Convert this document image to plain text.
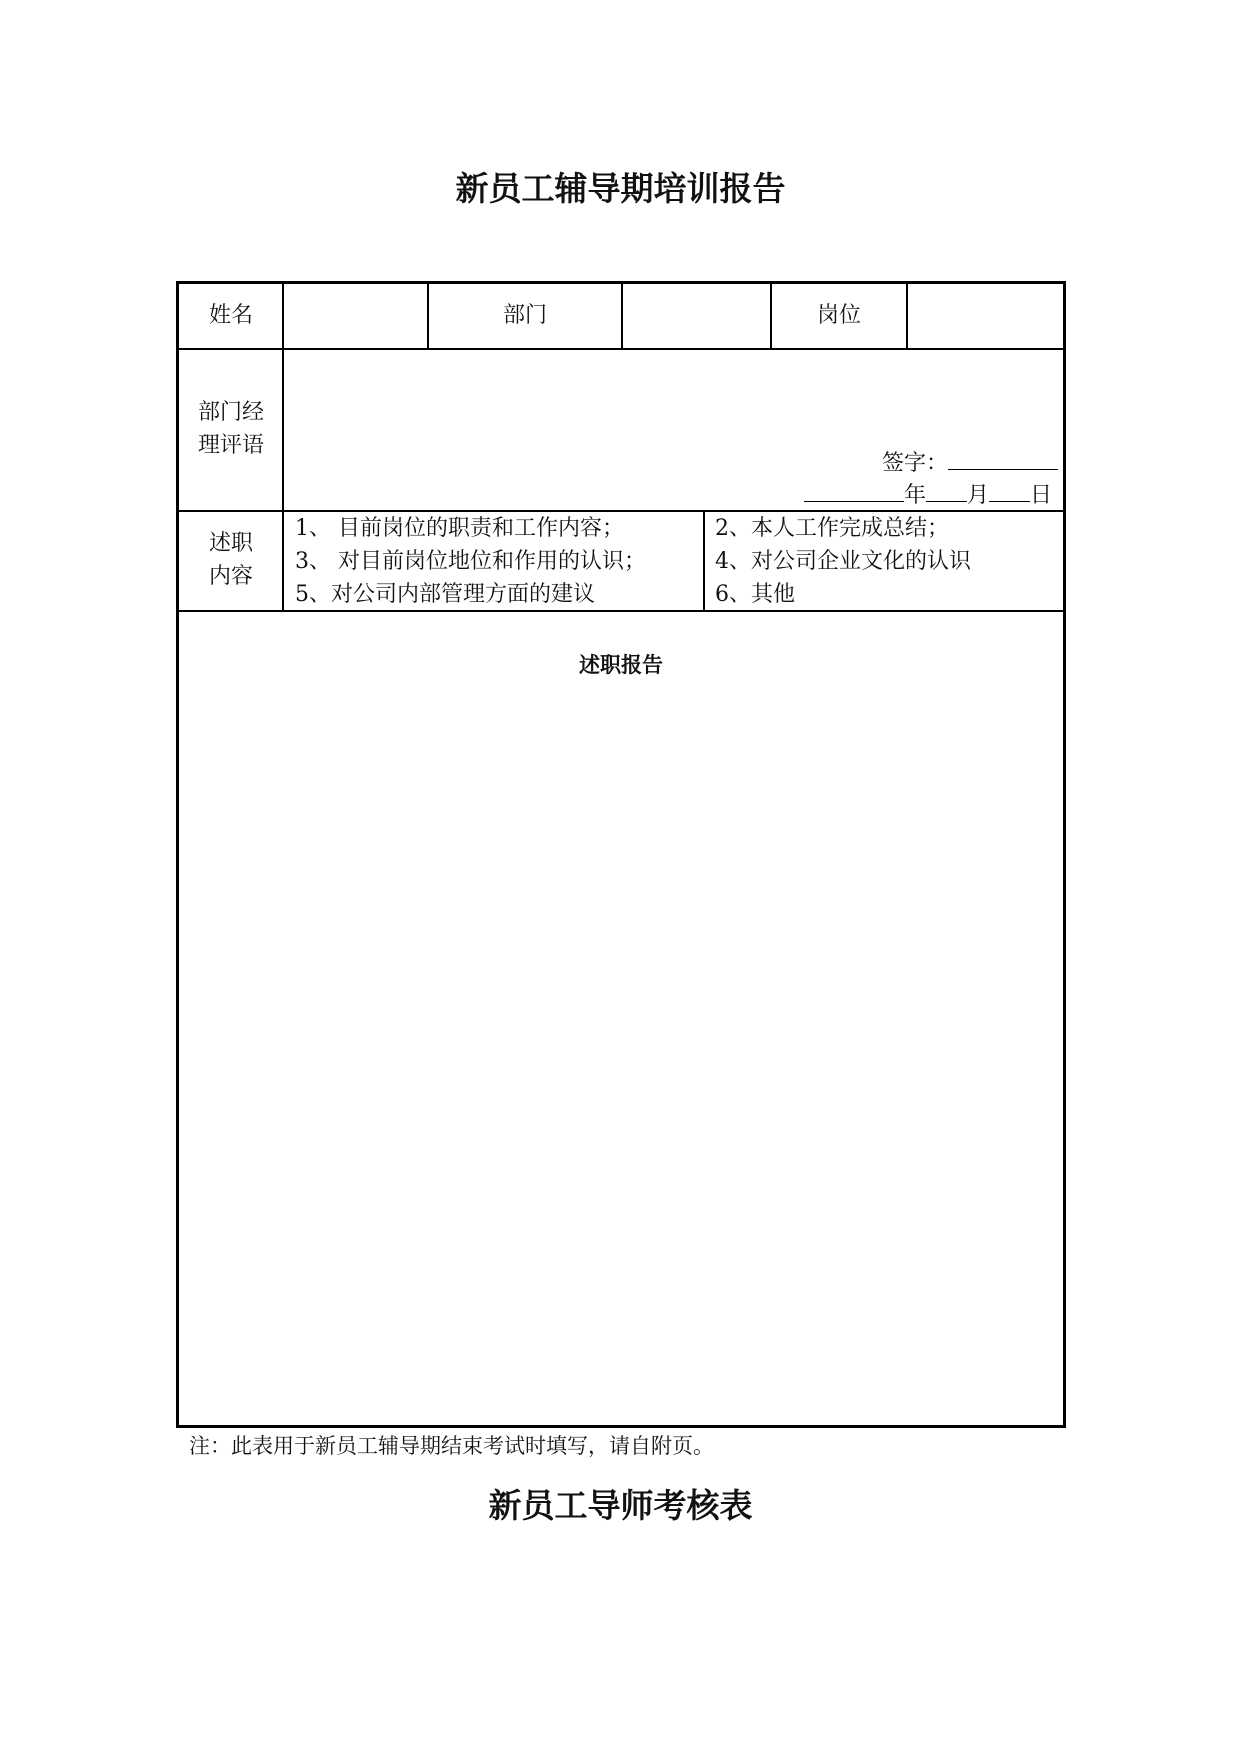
新员工辅导期培训报告
姓名	部门	岗位
部门经
理评语
签字：
年 月 日
述职
内容
1、 目前岗位的职责和工作内容；
3、 对目前岗位地位和作用的认识；
5、对公司内部管理方面的建议
2、本人工作完成总结；
4、对公司企业文化的认识
6、其他
述职报告
注：此表用于新员工辅导期结束考试时填写，请自附页。
新员工导师考核表
